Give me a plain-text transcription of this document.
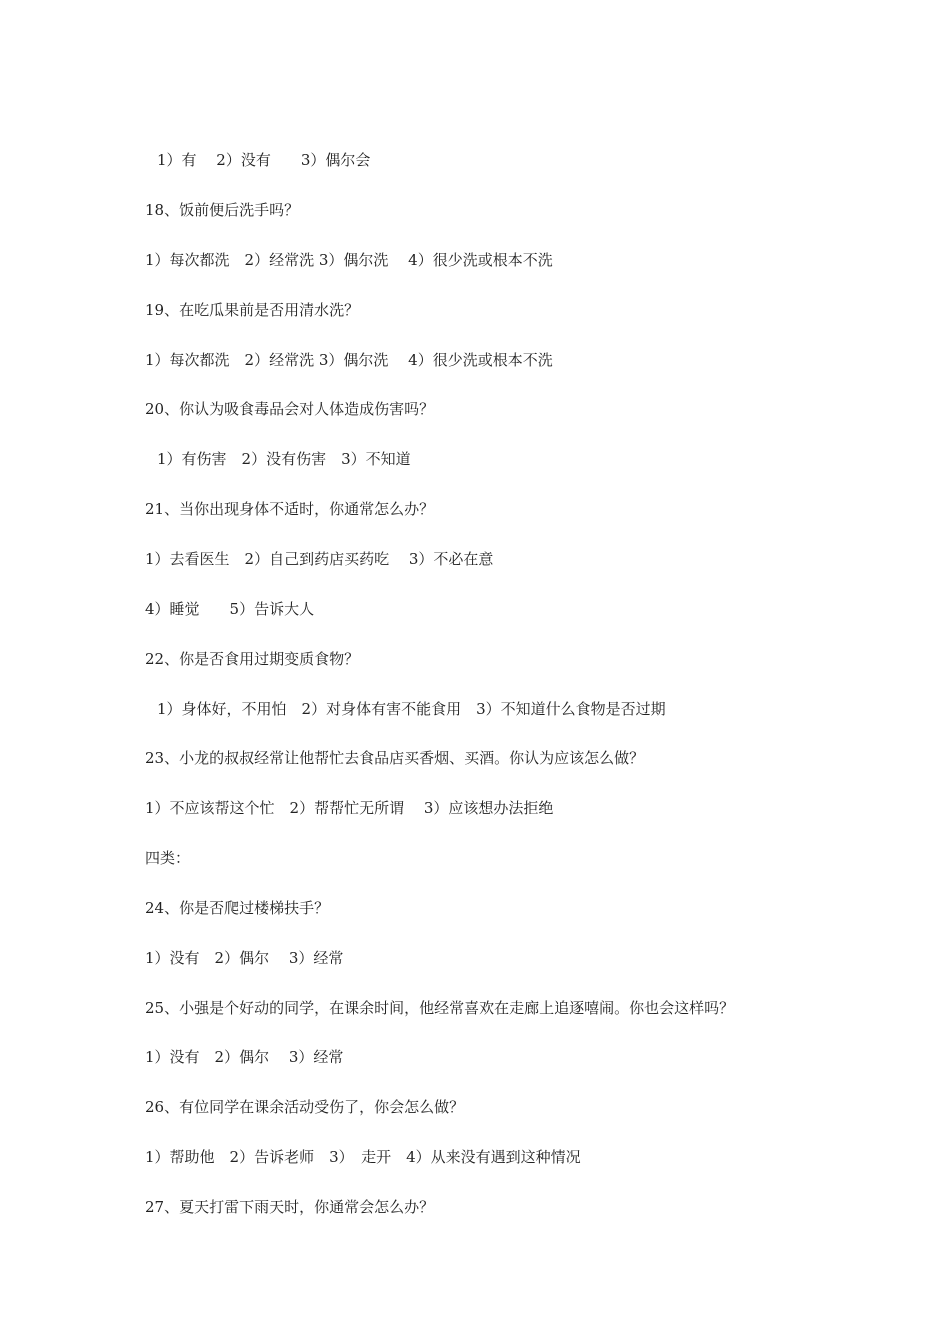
1）有　 2）没有　　3）偶尔会

18、饭前便后洗手吗？

1）每次都洗　2）经常洗 3）偶尔洗　 4）很少洗或根本不洗

19、在吃瓜果前是否用清水洗？

1）每次都洗　2）经常洗 3）偶尔洗　 4）很少洗或根本不洗

20、你认为吸食毒品会对人体造成伤害吗？

1）有伤害　2）没有伤害　3）不知道

21、当你出现身体不适时，你通常怎么办？

1）去看医生　2）自己到药店买药吃　 3）不必在意

4）睡觉　　5）告诉大人

22、你是否食用过期变质食物？

1）身体好，不用怕　2）对身体有害不能食用　3）不知道什么食物是否过期

23、小龙的叔叔经常让他帮忙去食品店买香烟、买酒。你认为应该怎么做？

1）不应该帮这个忙　2）帮帮忙无所谓　 3）应该想办法拒绝

四类：

24、你是否爬过楼梯扶手？

1）没有　2）偶尔　 3）经常

25、小强是个好动的同学，在课余时间，他经常喜欢在走廊上追逐嘻闹。你也会这样吗？

1）没有　2）偶尔　 3）经常

26、有位同学在课余活动受伤了，你会怎么做？

1）帮助他　2）告诉老师　3）　走开　4）从来没有遇到这种情况

27、夏天打雷下雨天时，你通常会怎么办？
